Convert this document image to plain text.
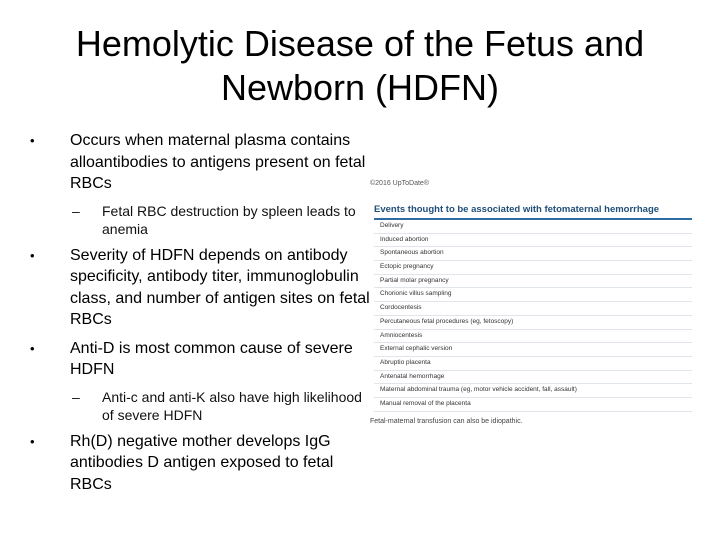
Hemolytic Disease of the Fetus and
Newborn (HDFN)
• Occurs when maternal plasma contains alloantibodies to antigens present on fetal RBCs
– Fetal RBC destruction by spleen leads to anemia
• Severity of HDFN depends on antibody specificity, antibody titer, immunoglobulin class, and number of antigen sites on fetal RBCs
• Anti-D is most common cause of severe HDFN
– Anti-c and anti-K also have high likelihood of severe HDFN
• Rh(D) negative mother develops IgG antibodies D antigen exposed to fetal RBCs
©2016 UpToDate®
Events thought to be associated with fetomaternal hemorrhage
Delivery
Induced abortion
Spontaneous abortion
Ectopic pregnancy
Partial molar pregnancy
Chorionic villus sampling
Cordocentesis
Percutaneous fetal procedures (eg, fetoscopy)
Amniocentesis
External cephalic version
Abruptio placenta
Antenatal hemorrhage
Maternal abdominal trauma (eg, motor vehicle accident, fall, assault)
Manual removal of the placenta
Fetal-maternal transfusion can also be idiopathic.
